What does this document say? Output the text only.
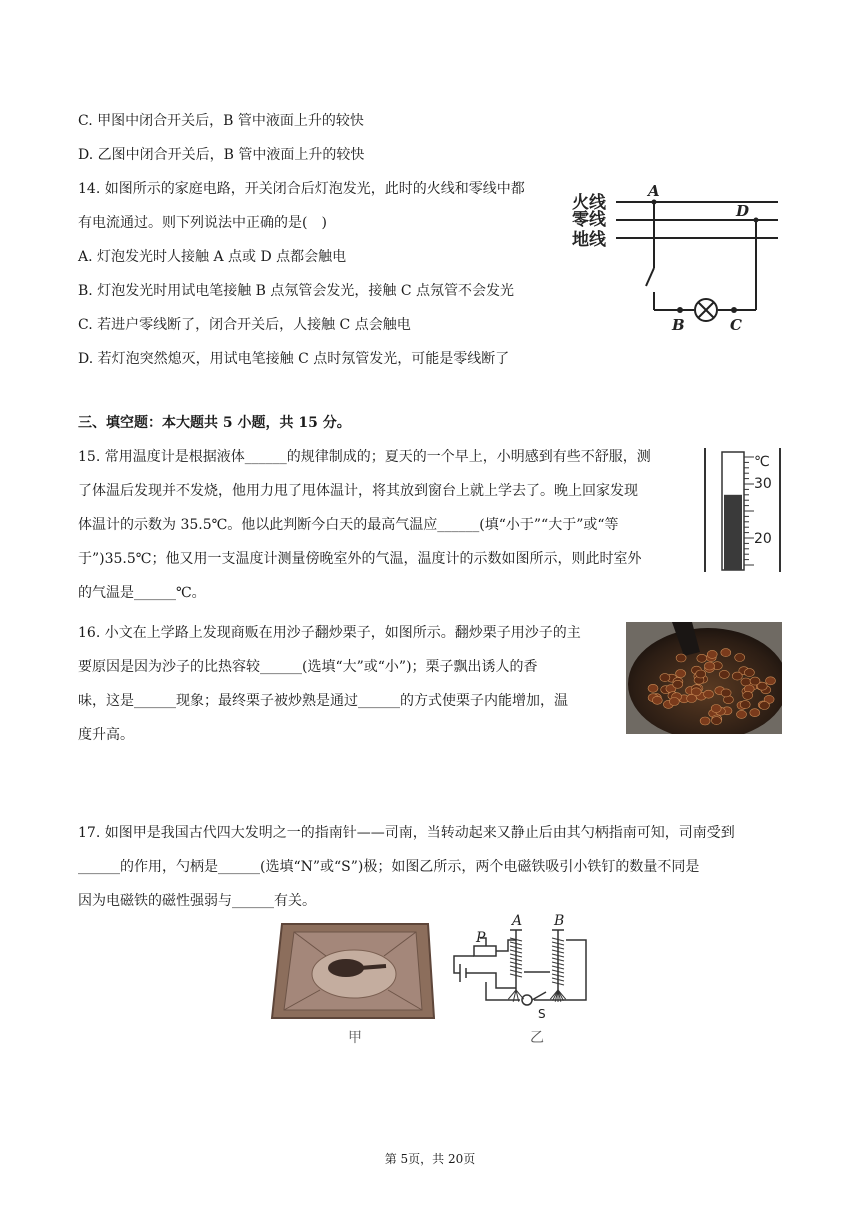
C. 甲图中闭合开关后，B 管中液面上升的较快
D. 乙图中闭合开关后，B 管中液面上升的较快
14. 如图所示的家庭电路，开关闭合后灯泡发光，此时的火线和零线中都
有电流通过。则下列说法中正确的是(　)
A. 灯泡发光时人接触 A 点或 D 点都会触电
B. 灯泡发光时用试电笔接触 B 点氖管会发光，接触 C 点氖管不会发光
C. 若进户零线断了，闭合开关后，人接触 C 点会触电
D. 若灯泡突然熄灭，用试电笔接触 C 点时氖管发光，可能是零线断了
火线
零线
地线
A
D
B	C
三、填空题：本大题共 5 小题，共 15 分。
15. 常用温度计是根据液体______的规律制成的；夏天的一个早上，小明感到有些不舒服，测
了体温后发现并不发烧，他用力甩了甩体温计，将其放到窗台上就上学去了。晚上回家发现
体温计的示数为 35.5℃。他以此判断今白天的最高气温应______(填“小于”“大于”或“等
于”)35.5℃；他又用一支温度计测量傍晚室外的气温，温度计的示数如图所示，则此时室外
的气温是______℃。
℃
30
20
16. 小文在上学路上发现商贩在用沙子翻炒栗子，如图所示。翻炒栗子用沙子的主
要原因是因为沙子的比热容较______(选填“大”或“小”)；栗子飘出诱人的香
味，这是______现象；最终栗子被炒熟是通过______的方式使栗子内能增加，温
度升高。
17. 如图甲是我国古代四大发明之一的指南针——司南，当转动起来又静止后由其勺柄指南可知，司南受到
______的作用，勺柄是______(选填“N”或“S”)极；如图乙所示，两个电磁铁吸引小铁钉的数量不同是
因为电磁铁的磁性强弱与______有关。
甲
A B
P
S
乙
第 5页，共 20页
